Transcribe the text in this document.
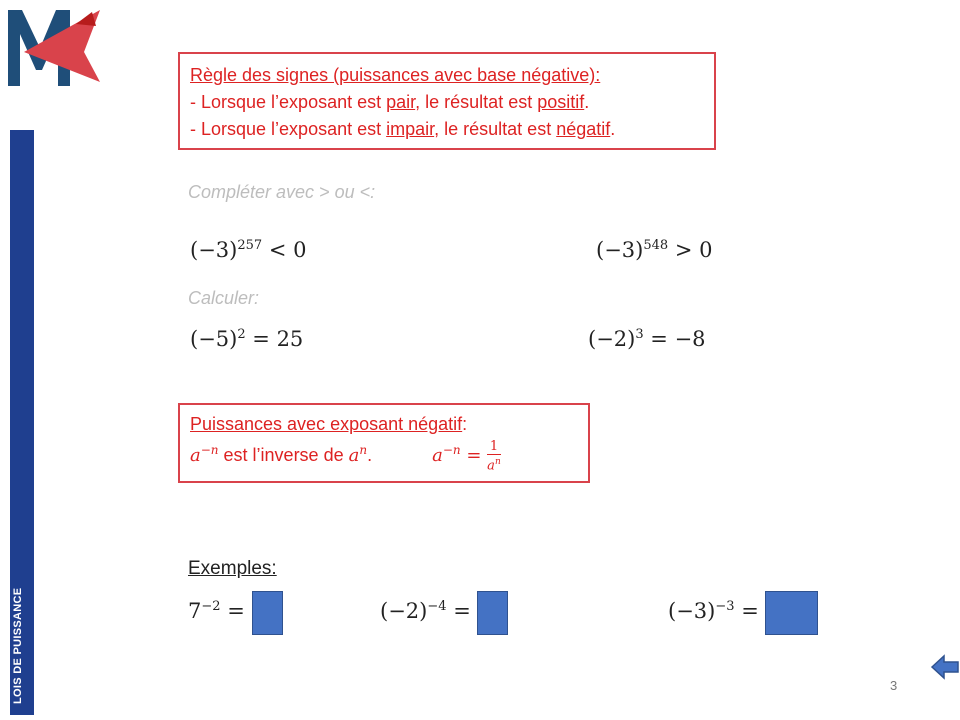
LOIS DE PUISSANCE
Règle des signes (puissances avec base négative):
- Lorsque l’exposant est pair, le résultat est positif.
- Lorsque l’exposant est impair, le résultat est négatif.
Compléter avec > ou <:
$(-3)^{257} < 0$	$(-3)^{548} > 0$
Calculer:
$(-5)^2 = 25$	$(-2)^3 = -8$
Puissances avec exposant négatif:
$a^{-n}$ est l’inverse de $a^n$.	$a^{-n} = \frac{1}{a^n}$
Exemples:
$7^{-2}$ =	$(-2)^{-4}$ =	$(-3)^{-3}$ =
3
